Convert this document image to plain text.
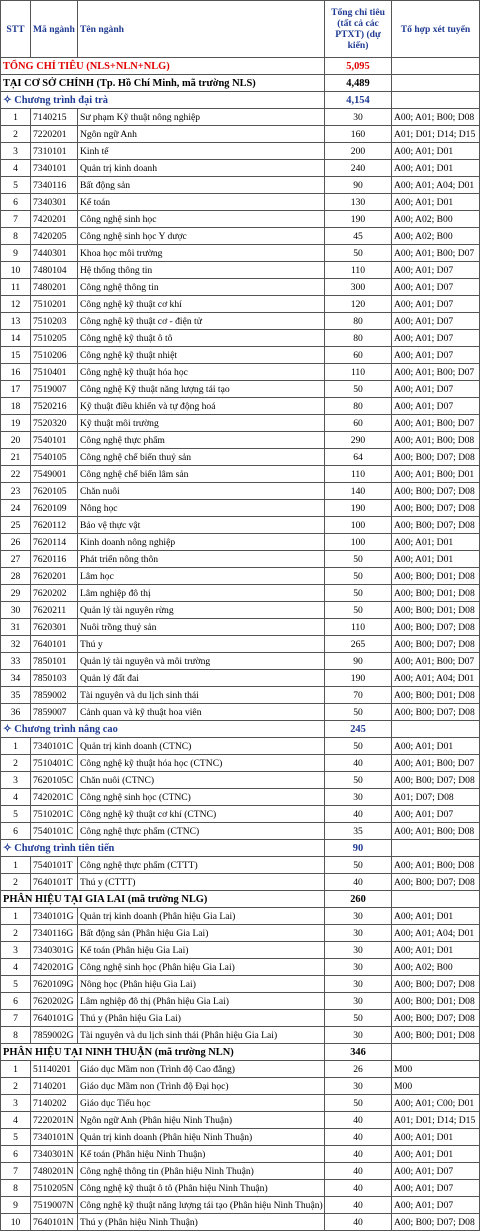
STT	Mã ngành	Tên ngành	Tổng chỉ tiêu (tất cả các PTXT) (dự kiến)	Tổ hợp xét tuyển
TỔNG CHỈ TIÊU (NLS+NLN+NLG)			5,095	
TẠI CƠ SỞ CHÍNH (Tp. Hồ Chí Minh, mã trường NLS)			4,489	
✧ Chương trình đại trà			4,154	
1	7140215	Sư phạm Kỹ thuật nông nghiệp	30	A00; A01; B00; D08
2	7220201	Ngôn ngữ Anh	160	A01; D01; D14; D15
3	7310101	Kinh tế	200	A00; A01; D01
4	7340101	Quản trị kinh doanh	240	A00; A01; D01
5	7340116	Bất động sản	90	A00; A01; A04; D01
6	7340301	Kế toán	130	A00; A01; D01
7	7420201	Công nghệ sinh học	190	A00; A02; B00
8	7420205	Công nghệ sinh học Y dược	45	A00; A02; B00
9	7440301	Khoa học môi trường	50	A00; A01; B00; D07
10	7480104	Hệ thống thông tin	110	A00; A01; D07
11	7480201	Công nghệ thông tin	300	A00; A01; D07
12	7510201	Công nghệ kỹ thuật cơ khí	120	A00; A01; D07
13	7510203	Công nghệ kỹ thuật cơ - điện tử	80	A00; A01; D07
14	7510205	Công nghệ kỹ thuật ô tô	80	A00; A01; D07
15	7510206	Công nghệ kỹ thuật nhiệt	60	A00; A01; D07
16	7510401	Công nghệ kỹ thuật hóa học	110	A00; A01; B00; D07
17	7519007	Công nghệ Kỹ thuật năng lượng tái tạo	50	A00; A01; D07
18	7520216	Kỹ thuật điều khiển và tự động hoá	80	A00; A01; D07
19	7520320	Kỹ thuật môi trường	60	A00; A01; B00; D07
20	7540101	Công nghệ thực phẩm	290	A00; A01; B00; D08
21	7540105	Công nghệ chế biến thuỷ sản	64	A00; B00; D07; D08
22	7549001	Công nghệ chế biến lâm sản	110	A00; A01; B00; D01
23	7620105	Chăn nuôi	140	A00; B00; D07; D08
24	7620109	Nông học	190	A00; B00; D07; D08
25	7620112	Bảo vệ thực vật	100	A00; B00; D07; D08
26	7620114	Kinh doanh nông nghiệp	100	A00; A01; D01
27	7620116	Phát triển nông thôn	50	A00; A01; D01
28	7620201	Lâm học	50	A00; B00; D01; D08
29	7620202	Lâm nghiệp đô thị	50	A00; B00; D01; D08
30	7620211	Quản lý tài nguyên rừng	50	A00; B00; D01; D08
31	7620301	Nuôi trồng thuỷ sản	110	A00; B00; D07; D08
32	7640101	Thú y	265	A00; B00; D07; D08
33	7850101	Quản lý tài nguyên và môi trường	90	A00; A01; B00; D07
34	7850103	Quản lý đất đai	190	A00; A01; A04; D01
35	7859002	Tài nguyên và du lịch sinh thái	70	A00; B00; D01; D08
36	7859007	Cảnh quan và kỹ thuật hoa viên	50	A00; B00; D07; D08
✧ Chương trình nâng cao			245	
1	7340101C	Quản trị kinh doanh (CTNC)	50	A00; A01; D01
2	7510401C	Công nghệ kỹ thuật hóa học (CTNC)	40	A00; A01; B00; D07
3	7620105C	Chăn nuôi (CTNC)	50	A00; B00; D07; D08
4	7420201C	Công nghệ sinh học (CTNC)	30	A01; D07; D08
5	7510201C	Công nghệ kỹ thuật cơ khí (CTNC)	40	A00; A01; D07
6	7540101C	Công nghệ thực phẩm (CTNC)	35	A00; A01; B00; D08
✧ Chương trình tiên tiến			90	
1	7540101T	Công nghệ thực phẩm (CTTT)	50	A00; A01; B00; D08
2	7640101T	Thú y (CTTT)	40	A00; B00; D07; D08
PHÂN HIỆU TẠI GIA LAI (mã trường NLG)			260	
1	7340101G	Quản trị kinh doanh (Phân hiệu Gia Lai)	30	A00; A01; D01
2	7340116G	Bất động sản (Phân hiệu Gia Lai)	30	A00; A01; A04; D01
3	7340301G	Kế toán (Phân hiệu Gia Lai)	30	A00; A01; D01
4	7420201G	Công nghệ sinh học (Phân hiệu Gia Lai)	30	A00; A02; B00
5	7620109G	Nông học (Phân hiệu Gia Lai)	30	A00; B00; D07; D08
6	7620202G	Lâm nghiệp đô thị (Phân hiệu Gia Lai)	30	A00; B00; D01; D08
7	7640101G	Thú y (Phân hiệu Gia Lai)	50	A00; B00; D07; D08
8	7859002G	Tài nguyên và du lịch sinh thái (Phân hiệu Gia Lai)	30	A00; B00; D01; D08
PHÂN HIỆU TẠI NINH THUẬN (mã trường NLN)			346	
1	51140201	Giáo dục Mầm non (Trình độ Cao đẳng)	26	M00
2	7140201	Giáo dục Mầm non (Trình độ Đại học)	30	M00
3	7140202	Giáo dục Tiểu học	50	A00; A01; C00; D01
4	7220201N	Ngôn ngữ Anh (Phân hiệu Ninh Thuận)	40	A01; D01; D14; D15
5	7340101N	Quản trị kinh doanh (Phân hiệu Ninh Thuận)	40	A00; A01; D01
6	7340301N	Kế toán (Phân hiệu Ninh Thuận)	40	A00; A01; D01
7	7480201N	Công nghệ thông tin (Phân hiệu Ninh Thuận)	40	A00; A01; D07
8	7510205N	Công nghệ kỹ thuật ô tô (Phân hiệu Ninh Thuận)	40	A00; A01; D07
9	7519007N	Công nghệ kỹ thuật năng lượng tái tạo (Phân hiệu Ninh Thuận)	40	A00; A01; D07
10	7640101N	Thú y (Phân hiệu Ninh Thuận)	40	A00; B00; D07; D08
